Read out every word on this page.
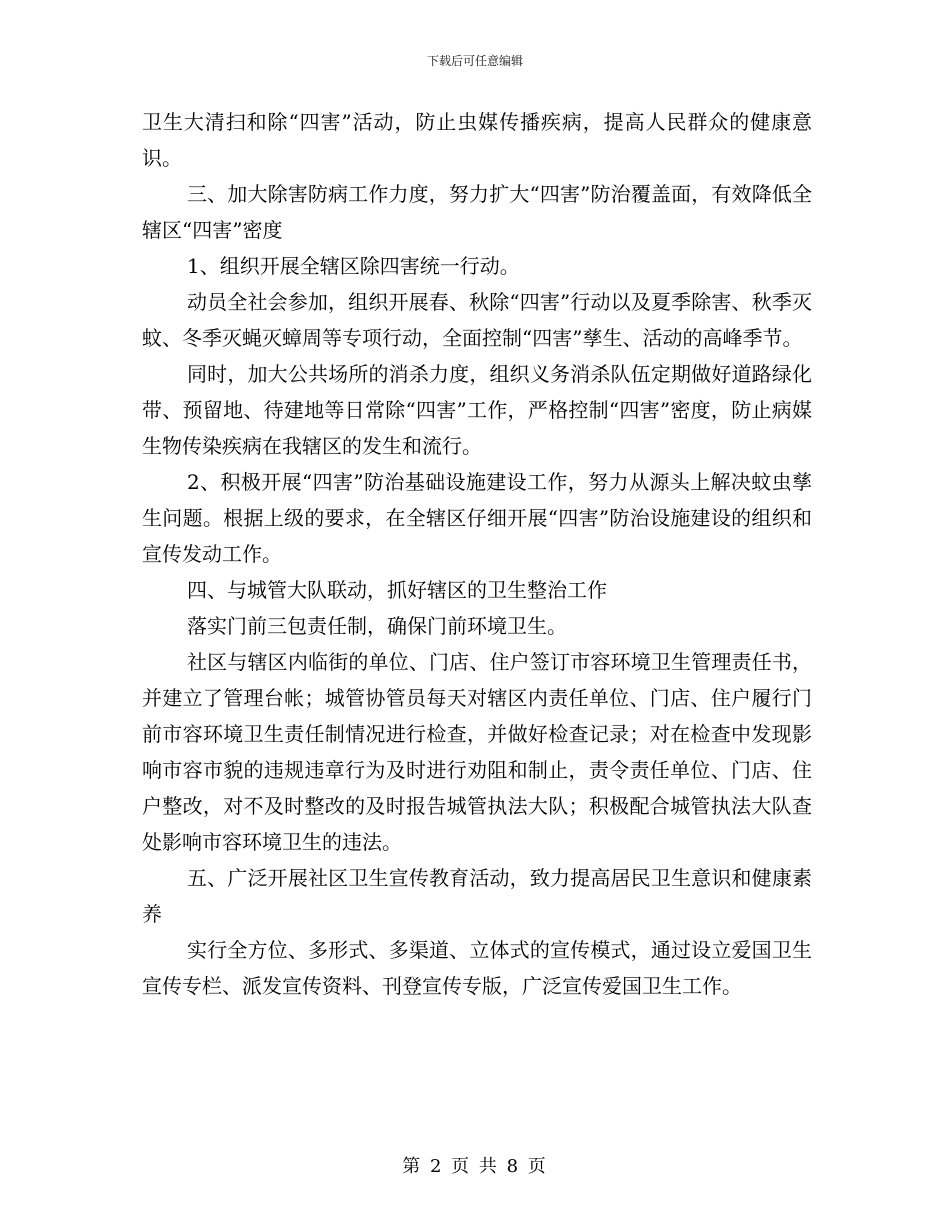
下载后可任意编辑

卫生大清扫和除“四害”活动，防止虫媒传播疾病，提高人民群众的健康意识。

三、加大除害防病工作力度，努力扩大“四害”防治覆盖面，有效降低全辖区“四害”密度

1、组织开展全辖区除四害统一行动。

动员全社会参加，组织开展春、秋除“四害”行动以及夏季除害、秋季灭蚊、冬季灭蝇灭蟑周等专项行动，全面控制“四害”孳生、活动的高峰季节。

同时，加大公共场所的消杀力度，组织义务消杀队伍定期做好道路绿化带、预留地、待建地等日常除“四害”工作，严格控制“四害”密度，防止病媒生物传染疾病在我辖区的发生和流行。

2、积极开展“四害”防治基础设施建设工作，努力从源头上解决蚊虫孳生问题。根据上级的要求，在全辖区仔细开展“四害”防治设施建设的组织和宣传发动工作。

四、与城管大队联动，抓好辖区的卫生整治工作

落实门前三包责任制，确保门前环境卫生。

社区与辖区内临街的单位、门店、住户签订市容环境卫生管理责任书，并建立了管理台帐；城管协管员每天对辖区内责任单位、门店、住户履行门前市容环境卫生责任制情况进行检查，并做好检查记录；对在检查中发现影响市容市貌的违规违章行为及时进行劝阻和制止，责令责任单位、门店、住户整改，对不及时整改的及时报告城管执法大队；积极配合城管执法大队查处影响市容环境卫生的违法。

五、广泛开展社区卫生宣传教育活动，致力提高居民卫生意识和健康素养

实行全方位、多形式、多渠道、立体式的宣传模式，通过设立爱国卫生宣传专栏、派发宣传资料、刊登宣传专版，广泛宣传爱国卫生工作。

第 2 页 共 8 页
